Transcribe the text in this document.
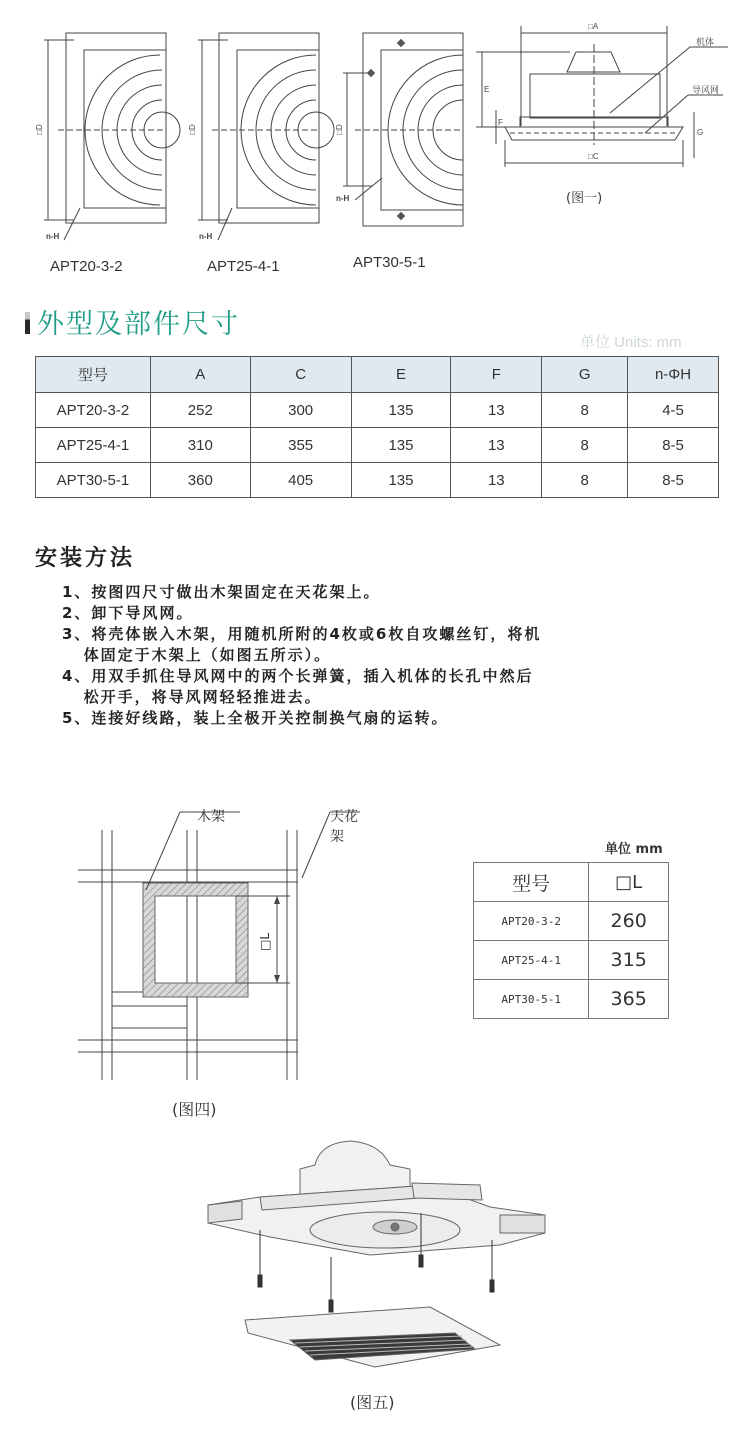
□D	□D	□D
n-H	n-H
n-H
APT20-3-2	APT25-4-1	APT30-5-1
□A
□C
E
F
G
机体
导风网
(图一)
外型及部件尺寸
单位 Units: mm
型号	A	C	E	F	G	n-ΦH
APT20-3-2	252	300	135	13	8	4-5
APT25-4-1	310	355	135	13	8	8-5
APT30-5-1	360	405	135	13	8	8-5
安装方法
1、按图四尺寸做出木架固定在天花架上。
2、卸下导风网。
3、将壳体嵌入木架，用随机所附的4枚或6枚自攻螺丝钉，将机
体固定于木架上（如图五所示）。
4、用双手抓住导风网中的两个长弹簧，插入机体的长孔中然后
松开手，将导风网轻轻推进去。
5、连接好线路，装上全极开关控制换气扇的运转。
木架	天花架
□L
(图四)
单位 mm
型号	□L
APT20-3-2	260
APT25-4-1	315
APT30-5-1	365
(图五)
